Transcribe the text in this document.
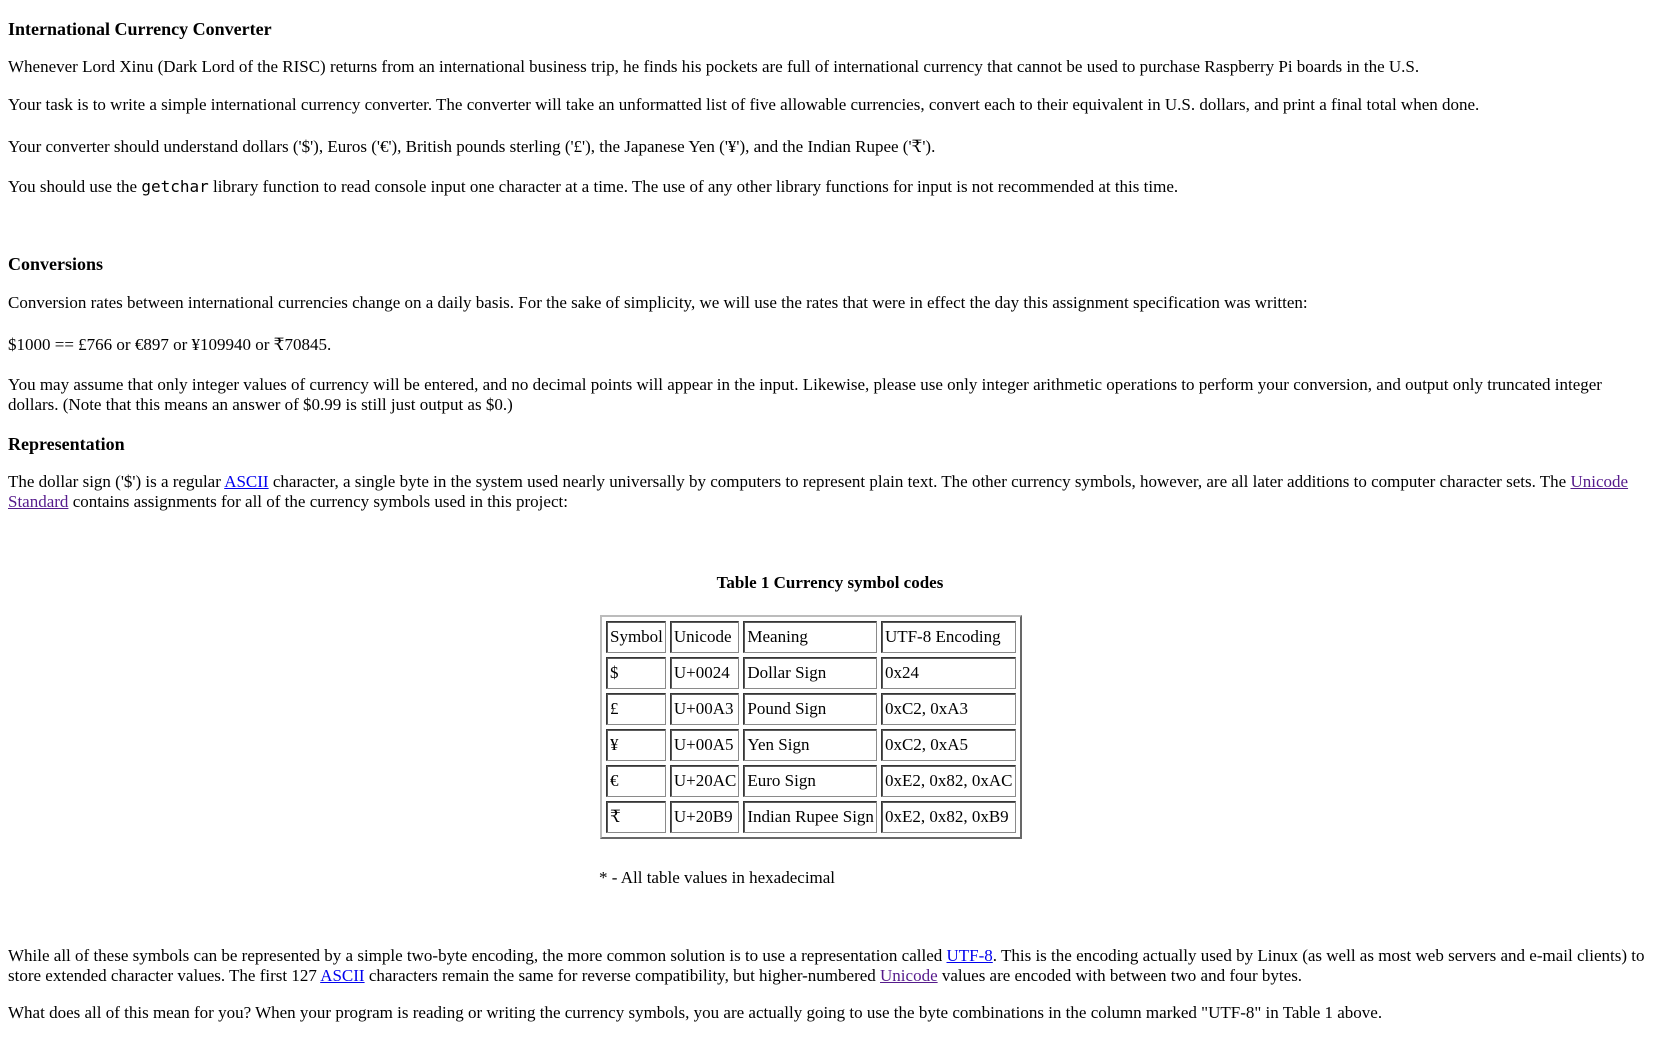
International Currency Converter

Whenever Lord Xinu (Dark Lord of the RISC) returns from an international business trip, he finds his pockets are full of international currency that cannot be used to purchase Raspberry Pi boards in the U.S.

Your task is to write a simple international currency converter. The converter will take an unformatted list of five allowable currencies, convert each to their equivalent in U.S. dollars, and print a final total when done.

Your converter should understand dollars ('$'), Euros ('€'), British pounds sterling ('£'), the Japanese Yen ('¥'), and the Indian Rupee ('₹').

You should use the getchar library function to read console input one character at a time. The use of any other library functions for input is not recommended at this time.

Conversions

Conversion rates between international currencies change on a daily basis. For the sake of simplicity, we will use the rates that were in effect the day this assignment specification was written:

$1000 == £766 or €897 or ¥109940 or ₹70845.

You may assume that only integer values of currency will be entered, and no decimal points will appear in the input. Likewise, please use only integer arithmetic operations to perform your conversion, and output only truncated integer dollars. (Note that this means an answer of $0.99 is still just output as $0.)

Representation

The dollar sign ('$') is a regular ASCII character, a single byte in the system used nearly universally by computers to represent plain text. The other currency symbols, however, are all later additions to computer character sets. The Unicode Standard contains assignments for all of the currency symbols used in this project:

Table 1 Currency symbol codes
Symbol	Unicode	Meaning	UTF-8 Encoding
$	U+0024	Dollar Sign	0x24
£	U+00A3	Pound Sign	0xC2, 0xA3
¥	U+00A5	Yen Sign	0xC2, 0xA5
€	U+20AC	Euro Sign	0xE2, 0x82, 0xAC
₹	U+20B9	Indian Rupee Sign	0xE2, 0x82, 0xB9
* - All table values in hexadecimal

While all of these symbols can be represented by a simple two-byte encoding, the more common solution is to use a representation called UTF-8. This is the encoding actually used by Linux (as well as most web servers and e-mail clients) to store extended character values. The first 127 ASCII characters remain the same for reverse compatibility, but higher-numbered Unicode values are encoded with between two and four bytes.

What does all of this mean for you? When your program is reading or writing the currency symbols, you are actually going to use the byte combinations in the column marked "UTF-8" in Table 1 above.
